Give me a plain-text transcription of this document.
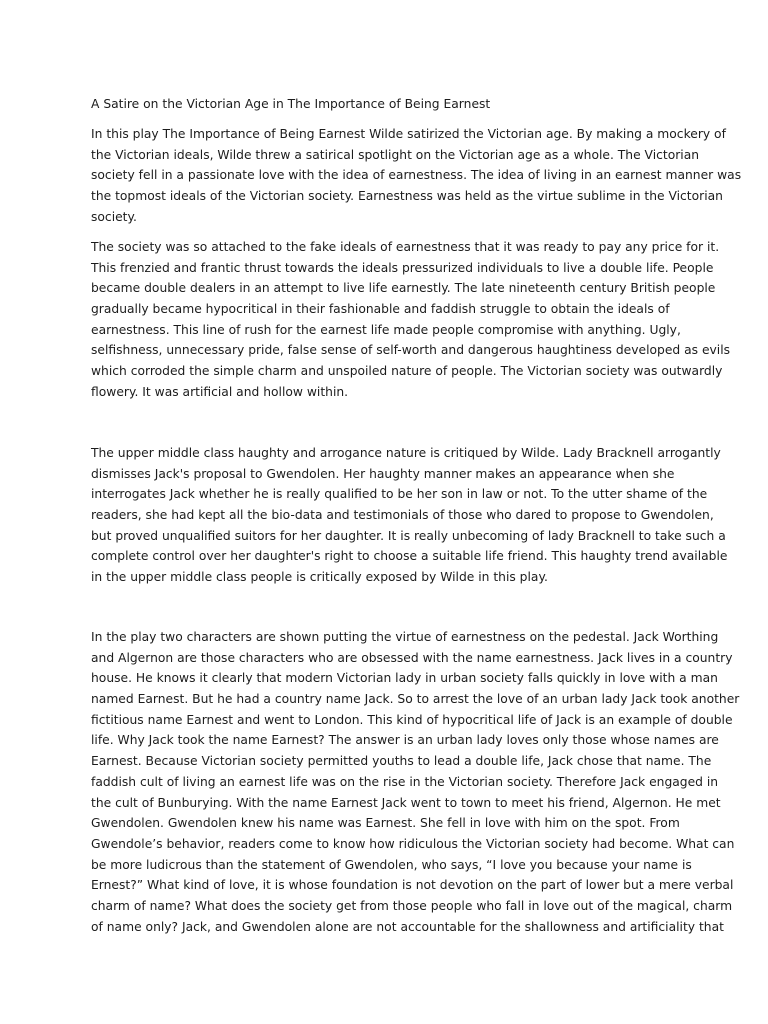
A Satire on the Victorian Age in The Importance of Being Earnest

In this play The Importance of Being Earnest Wilde satirized the Victorian age. By making a mockery of
the Victorian ideals, Wilde threw a satirical spotlight on the Victorian age as a whole. The Victorian
society fell in a passionate love with the idea of earnestness. The idea of living in an earnest manner was
the topmost ideals of the Victorian society. Earnestness was held as the virtue sublime in the Victorian
society.

The society was so attached to the fake ideals of earnestness that it was ready to pay any price for it.
This frenzied and frantic thrust towards the ideals pressurized individuals to live a double life. People
became double dealers in an attempt to live life earnestly. The late nineteenth century British people
gradually became hypocritical in their fashionable and faddish struggle to obtain the ideals of
earnestness. This line of rush for the earnest life made people compromise with anything. Ugly,
selfishness, unnecessary pride, false sense of self-worth and dangerous haughtiness developed as evils
which corroded the simple charm and unspoiled nature of people. The Victorian society was outwardly
flowery. It was artificial and hollow within.

The upper middle class haughty and arrogance nature is critiqued by Wilde. Lady Bracknell arrogantly
dismisses Jack's proposal to Gwendolen. Her haughty manner makes an appearance when she
interrogates Jack whether he is really qualified to be her son in law or not. To the utter shame of the
readers, she had kept all the bio-data and testimonials of those who dared to propose to Gwendolen,
but proved unqualified suitors for her daughter. It is really unbecoming of lady Bracknell to take such a
complete control over her daughter's right to choose a suitable life friend. This haughty trend available
in the upper middle class people is critically exposed by Wilde in this play.

In the play two characters are shown putting the virtue of earnestness on the pedestal. Jack Worthing
and Algernon are those characters who are obsessed with the name earnestness. Jack lives in a country
house. He knows it clearly that modern Victorian lady in urban society falls quickly in love with a man
named Earnest. But he had a country name Jack. So to arrest the love of an urban lady Jack took another
fictitious name Earnest and went to London. This kind of hypocritical life of Jack is an example of double
life. Why Jack took the name Earnest? The answer is an urban lady loves only those whose names are
Earnest. Because Victorian society permitted youths to lead a double life, Jack chose that name. The
faddish cult of living an earnest life was on the rise in the Victorian society. Therefore Jack engaged in
the cult of Bunburying. With the name Earnest Jack went to town to meet his friend, Algernon. He met
Gwendolen. Gwendolen knew his name was Earnest. She fell in love with him on the spot. From
Gwendole’s behavior, readers come to know how ridiculous the Victorian society had become. What can
be more ludicrous than the statement of Gwendolen, who says, “I love you because your name is
Ernest?” What kind of love, it is whose foundation is not devotion on the part of lower but a mere verbal
charm of name? What does the society get from those people who fall in love out of the magical, charm
of name only? Jack, and Gwendolen alone are not accountable for the shallowness and artificiality that
